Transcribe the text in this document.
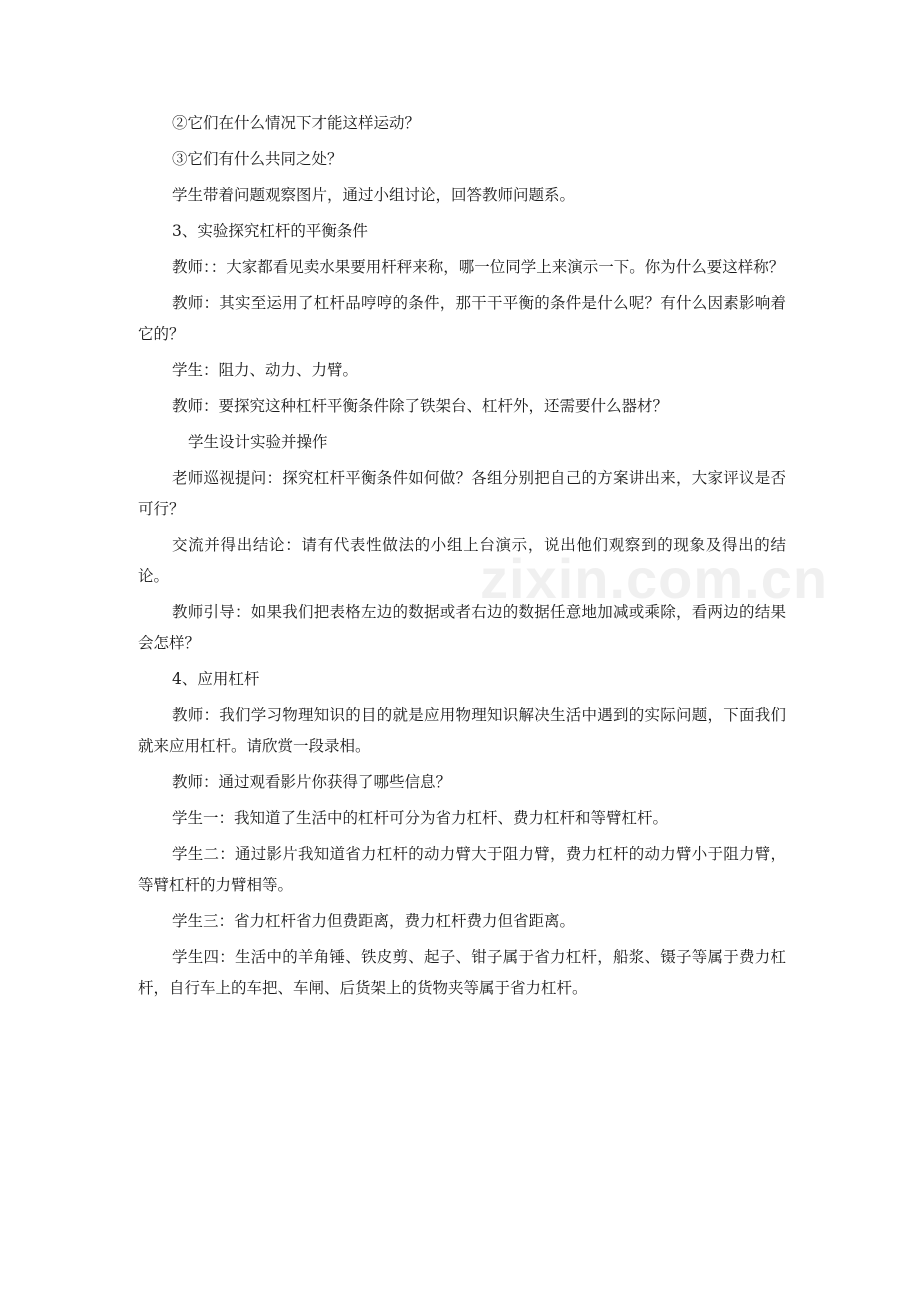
②它们在什么情况下才能这样运动？

③它们有什么共同之处？

学生带着问题观察图片，通过小组讨论，回答教师问题系。

3、实验探究杠杆的平衡条件

教师：：大家都看见卖水果要用杆秤来称，哪一位同学上来演示一下。你为什么要这样称？

教师：其实至运用了杠杆品哼哼的条件，那干干平衡的条件是什么呢？有什么因素影响着它的？

学生：阻力、动力、力臂。

教师：要探究这种杠杆平衡条件除了铁架台、杠杆外，还需要什么器材？

学生设计实验并操作

老师巡视提问：探究杠杆平衡条件如何做？各组分别把自己的方案讲出来，大家评议是否可行？

交流并得出结论：请有代表性做法的小组上台演示，说出他们观察到的现象及得出的结论。

教师引导：如果我们把表格左边的数据或者右边的数据任意地加减或乘除，看两边的结果会怎样？

4、应用杠杆

教师：我们学习物理知识的目的就是应用物理知识解决生活中遇到的实际问题，下面我们就来应用杠杆。请欣赏一段录相。

教师：通过观看影片你获得了哪些信息？

学生一：我知道了生活中的杠杆可分为省力杠杆、费力杠杆和等臂杠杆。

学生二：通过影片我知道省力杠杆的动力臂大于阻力臂，费力杠杆的动力臂小于阻力臂，等臂杠杆的力臂相等。

学生三：省力杠杆省力但费距离，费力杠杆费力但省距离。

学生四：生活中的羊角锤、铁皮剪、起子、钳子属于省力杠杆，船浆、镊子等属于费力杠杆，自行车上的车把、车闸、后货架上的货物夹等属于省力杠杆。

zixin.com.cn
